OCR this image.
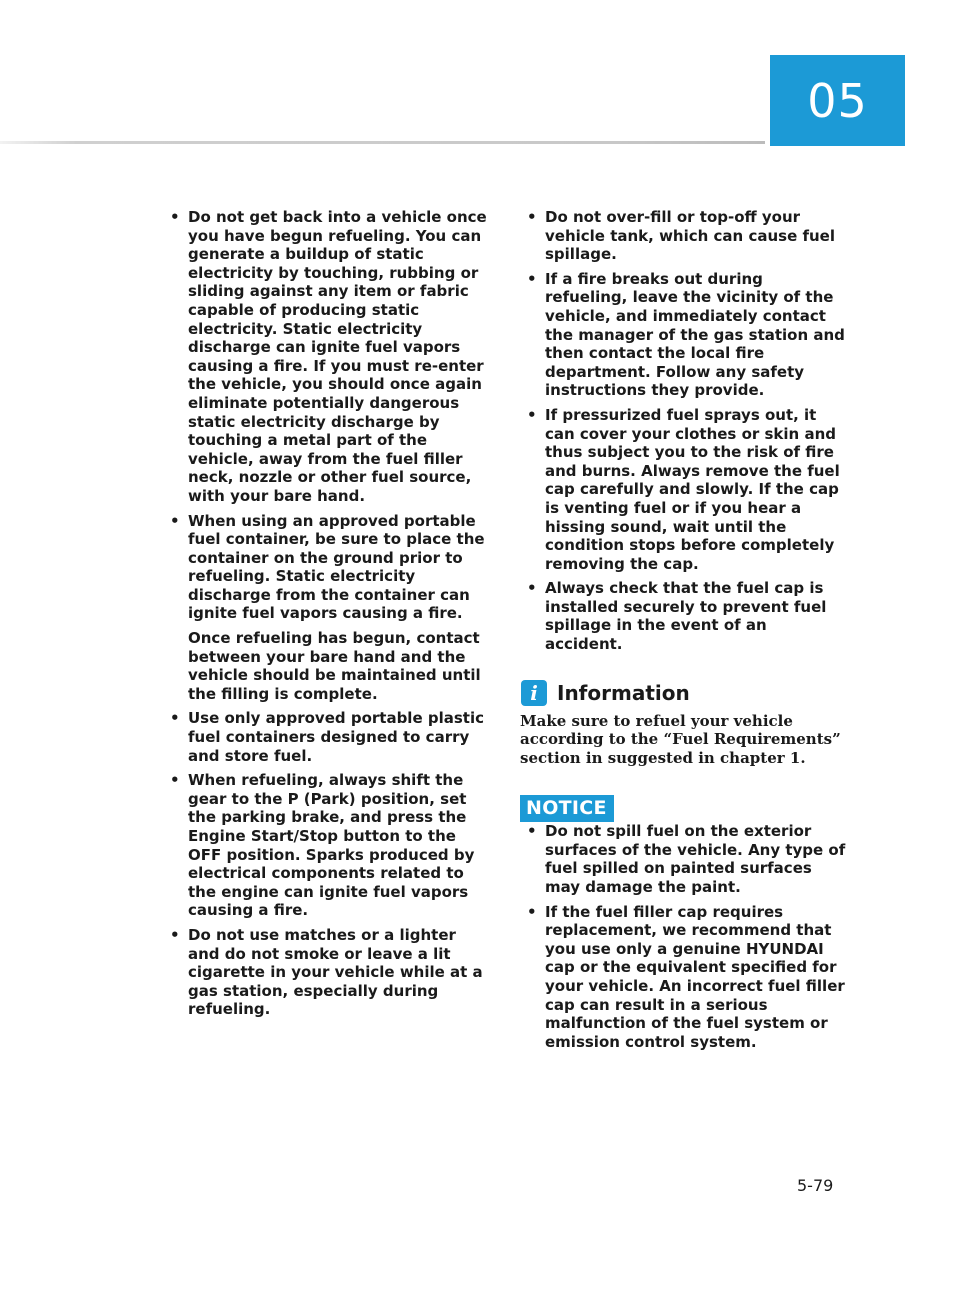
05
• Do not get back into a vehicle once you have begun refueling. You can generate a buildup of static electricity by touching, rubbing or sliding against any item or fabric capable of producing static electricity. Static electricity discharge can ignite fuel vapors causing a fire. If you must re-enter the vehicle, you should once again eliminate potentially dangerous static electricity discharge by touching a metal part of the vehicle, away from the fuel filler neck, nozzle or other fuel source, with your bare hand.
• When using an approved portable fuel container, be sure to place the container on the ground prior to refueling. Static electricity discharge from the container can ignite fuel vapors causing a fire.
Once refueling has begun, contact between your bare hand and the vehicle should be maintained until the filling is complete.
• Use only approved portable plastic fuel containers designed to carry and store fuel.
• When refueling, always shift the gear to the P (Park) position, set the parking brake, and press the Engine Start/Stop button to the OFF position. Sparks produced by electrical components related to the engine can ignite fuel vapors causing a fire.
• Do not use matches or a lighter and do not smoke or leave a lit cigarette in your vehicle while at a gas station, especially during refueling.
• Do not over-fill or top-off your vehicle tank, which can cause fuel spillage.
• If a fire breaks out during refueling, leave the vicinity of the vehicle, and immediately contact the manager of the gas station and then contact the local fire department. Follow any safety instructions they provide.
• If pressurized fuel sprays out, it can cover your clothes or skin and thus subject you to the risk of fire and burns. Always remove the fuel cap carefully and slowly. If the cap is venting fuel or if you hear a hissing sound, wait until the condition stops before completely removing the cap.
• Always check that the fuel cap is installed securely to prevent fuel spillage in the event of an accident.
i Information
Make sure to refuel your vehicle according to the “Fuel Requirements” section in suggested in chapter 1.
NOTICE
• Do not spill fuel on the exterior surfaces of the vehicle. Any type of fuel spilled on painted surfaces may damage the paint.
• If the fuel filler cap requires replacement, we recommend that you use only a genuine HYUNDAI cap or the equivalent specified for your vehicle. An incorrect fuel filler cap can result in a serious malfunction of the fuel system or emission control system.
5-79
